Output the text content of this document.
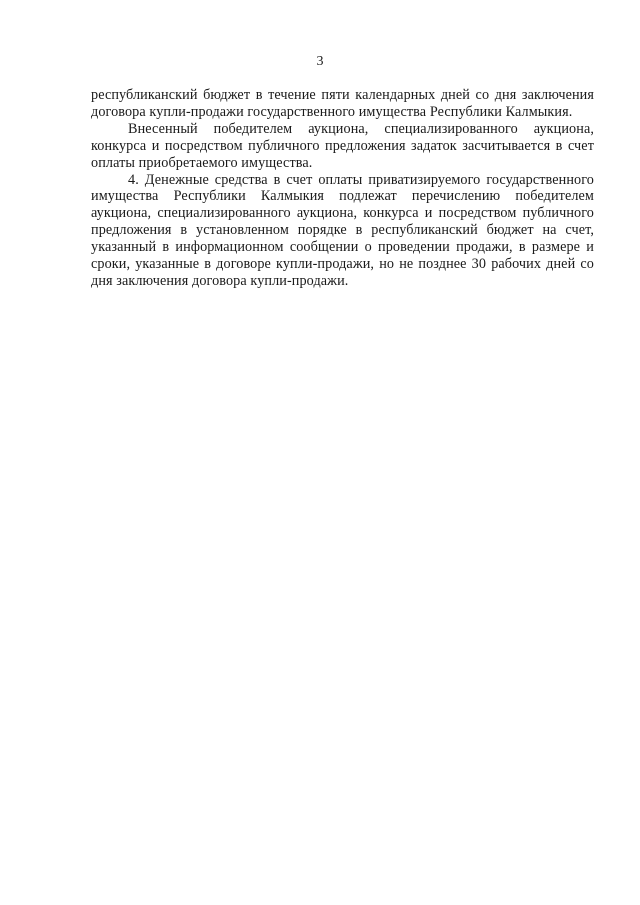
3

республиканский бюджет в течение пяти календарных дней со дня заключения договора купли-продажи государственного имущества Республики Калмыкия.

Внесенный победителем аукциона, специализированного аукциона, конкурса и посредством публичного предложения задаток засчитывается в счет оплаты приобретаемого имущества.

4. Денежные средства в счет оплаты приватизируемого государственного имущества Республики Калмыкия подлежат перечислению победителем аукциона, специализированного аукциона, конкурса и посредством публичного предложения в установленном порядке в республиканский бюджет на счет, указанный в информационном сообщении о проведении продажи, в размере и сроки, указанные в договоре купли-продажи, но не позднее 30 рабочих дней со дня заключения договора купли-продажи.
